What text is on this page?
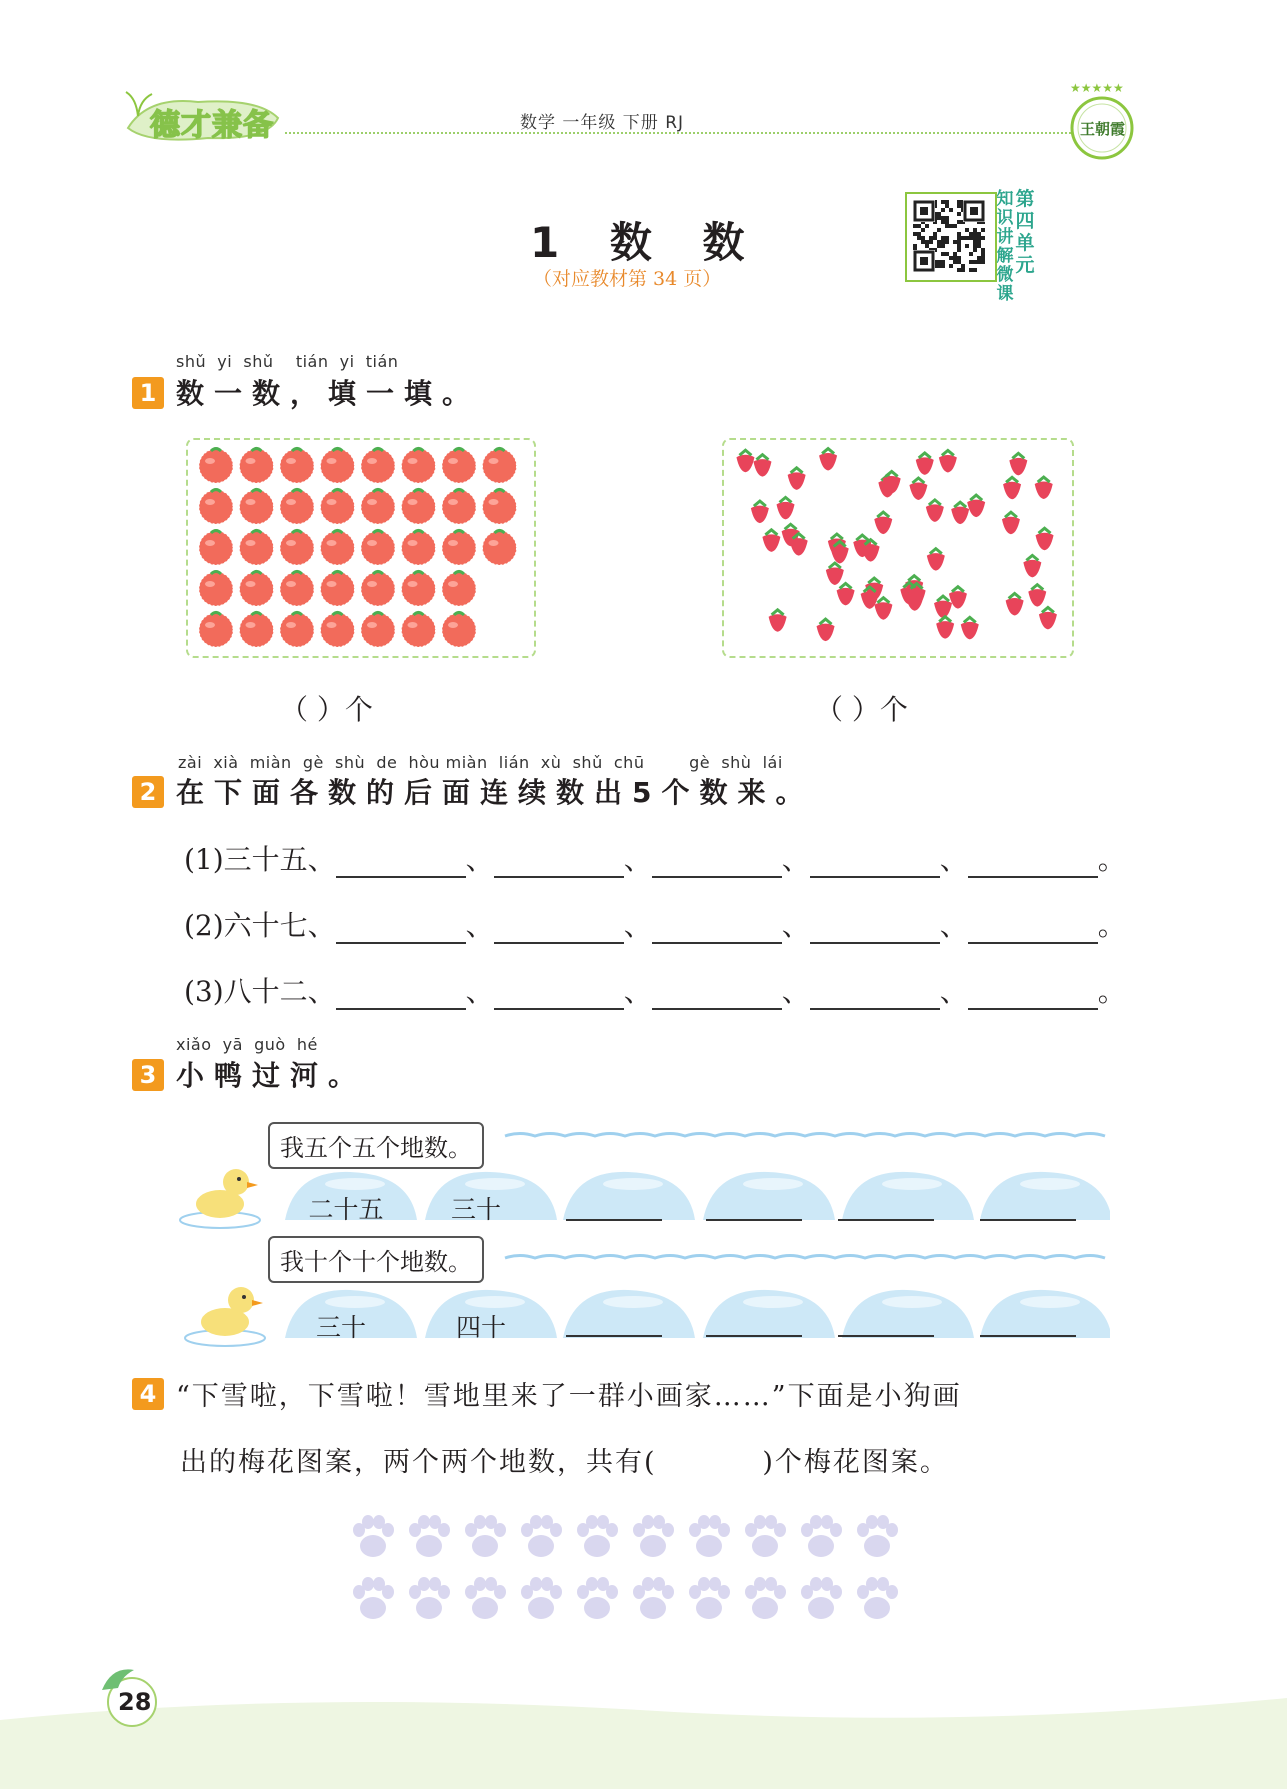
德才兼备	数学 一年级 下册 RJ
★★★★★
王朝霞
1 数 数
（对应教材第 34 页）
知
识
讲
解
微
课
第
四
单
元
shǔ  yi  shǔ    tián  yi  tián
1 数一数，填一填。
（ ）个	（ ）个
zài  xià  miàn  gè  shù  de  hòu miàn  lián  xù  shǔ  chū        gè  shù  lái
2 在下面各数的后面连续数出5个数来。
(1)三十五、	、	、	、	、	。
(2)六十七、	、	、	、	、	。
(3)八十二、	、	、	、	、	。
xiǎo  yā  guò  hé
3 小鸭过河。
我五个五个地数。
我十个十个地数。
二十五	三十
三十	四十
4 “下雪啦，下雪啦！雪地里来了一群小画家……”下面是小狗画
出的梅花图案，两个两个地数，共有(          )个梅花图案。
28
